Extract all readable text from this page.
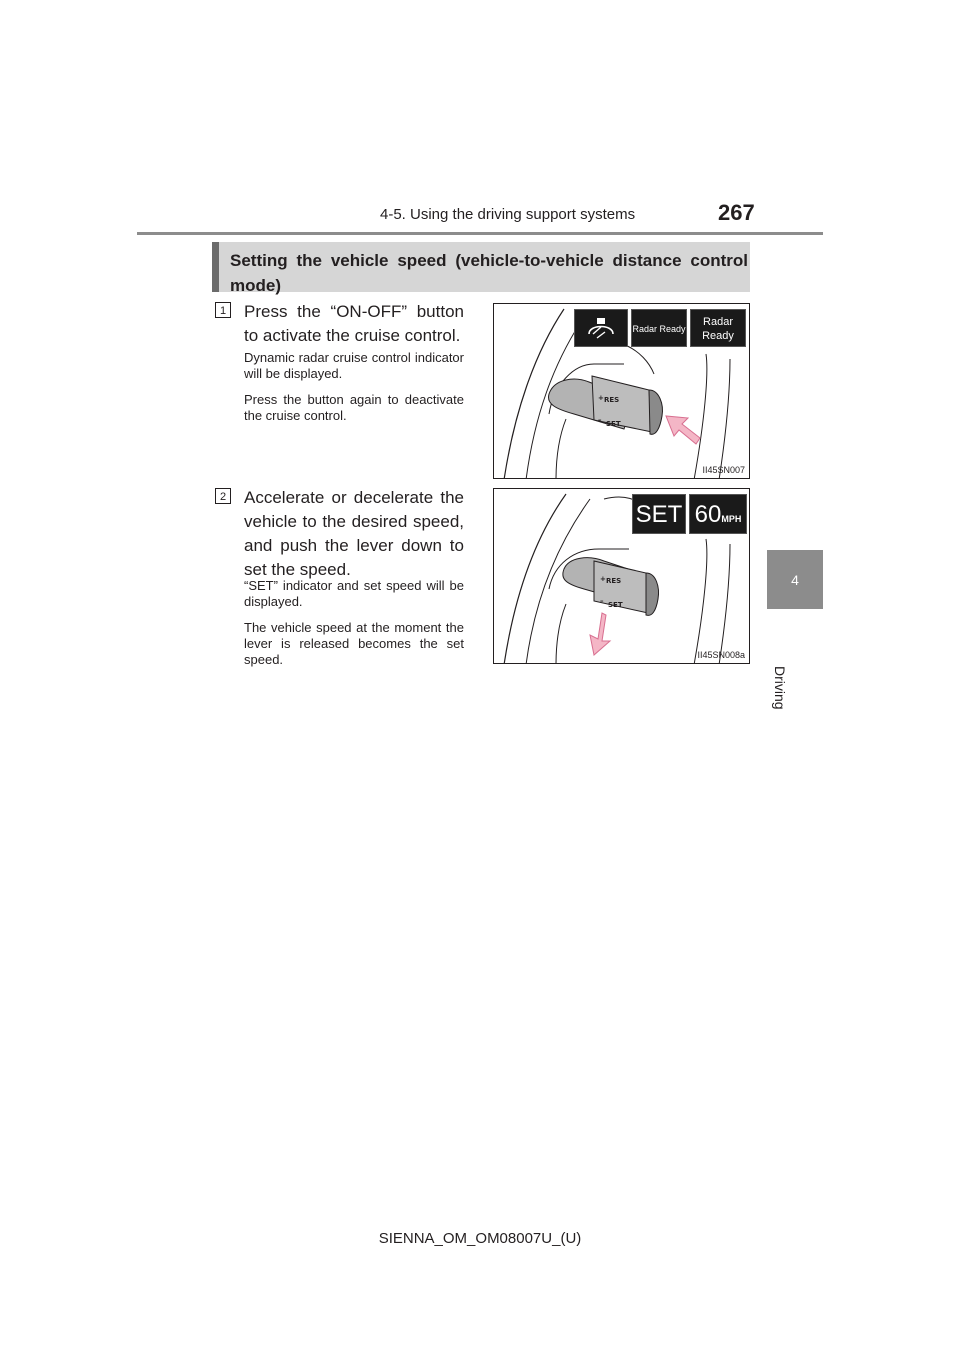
4-5. Using the driving support systems	267
4
Driving
Setting the vehicle speed (vehicle-to-vehicle distance control mode)
1 Press the “ON-OFF” button to activate the cruise control.
Dynamic radar cruise control indicator will be displayed.
Press the button again to deactivate the cruise control.
+ RES
– SET
Radar Ready
Radar Ready
II45SN007
2 Accelerate or decelerate the vehicle to the desired speed, and push the lever down to set the speed.
“SET” indicator and set speed will be displayed.
The vehicle speed at the moment the lever is released becomes the set speed.
+ RES
– SET
SET 60MPH
II45SN008a
SIENNA_OM_OM08007U_(U)
